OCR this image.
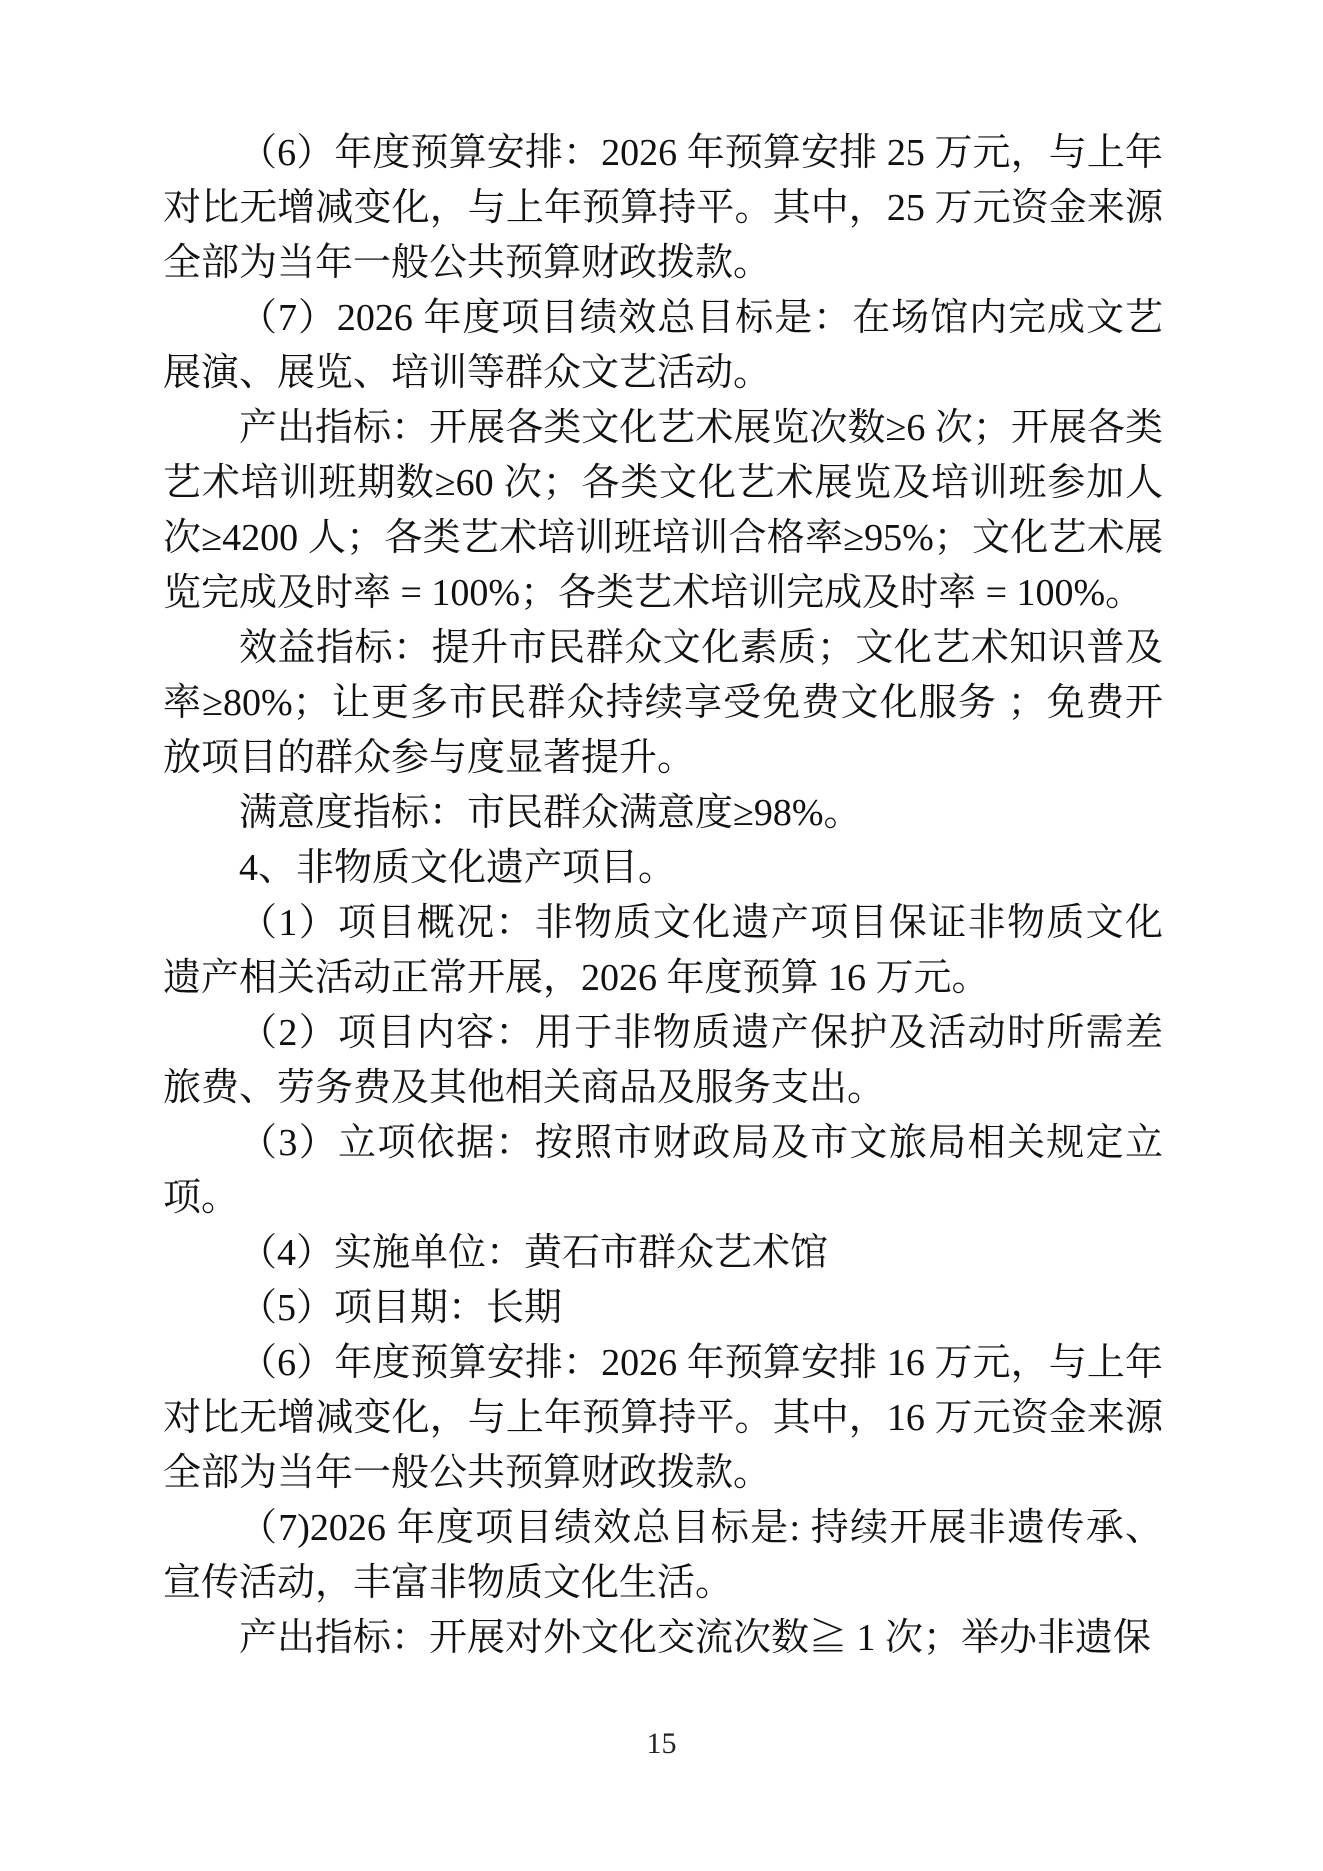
（6）年度预算安排：2026 年预算安排 25 万元，与上年对比无增减变化，与上年预算持平。其中，25 万元资金来源全部为当年一般公共预算财政拨款。

（7）2026 年度项目绩效总目标是：在场馆内完成文艺展演、展览、培训等群众文艺活动。

产出指标：开展各类文化艺术展览次数≥6 次；开展各类艺术培训班期数≥60 次；各类文化艺术展览及培训班参加人次≥4200 人；各类艺术培训班培训合格率≥95%；文化艺术展览完成及时率 = 100%；各类艺术培训完成及时率 = 100%。

效益指标：提升市民群众文化素质；文化艺术知识普及率≥80%；让更多市民群众持续享受免费文化服务 ；免费开放项目的群众参与度显著提升。

满意度指标：市民群众满意度≥98%。

4、非物质文化遗产项目。

（1）项目概况：非物质文化遗产项目保证非物质文化遗产相关活动正常开展，2026 年度预算 16 万元。

（2）项目内容：用于非物质遗产保护及活动时所需差旅费、劳务费及其他相关商品及服务支出。

（3）立项依据：按照市财政局及市文旅局相关规定立项。

（4）实施单位：黄石市群众艺术馆

（5）项目期：长期

（6）年度预算安排：2026 年预算安排 16 万元，与上年对比无增减变化，与上年预算持平。其中，16 万元资金来源全部为当年一般公共预算财政拨款。

（7)2026 年度项目绩效总目标是: 持续开展非遗传承、宣传活动，丰富非物质文化生活。

产出指标：开展对外文化交流次数≧ 1 次；举办非遗保

15
